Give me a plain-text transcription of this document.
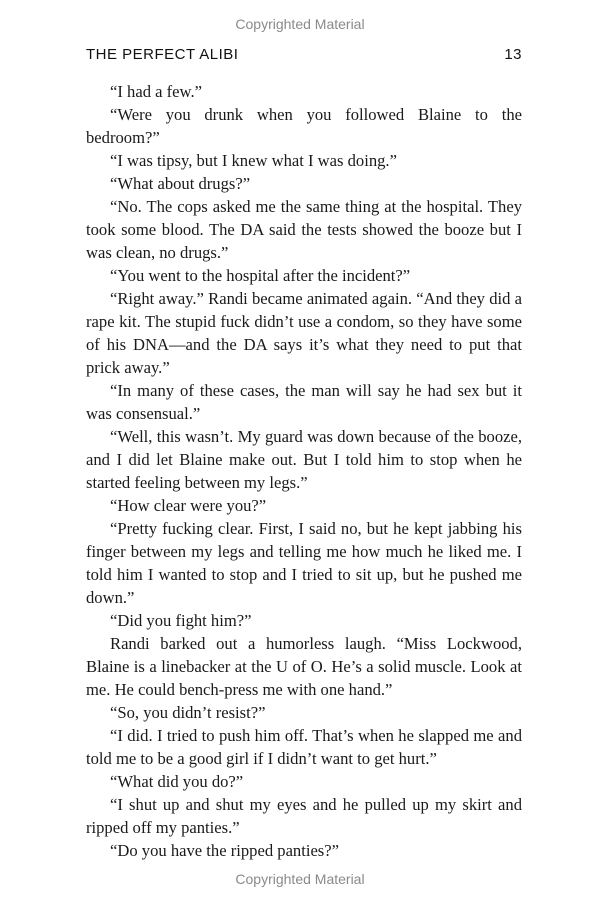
Copyrighted Material
THE PERFECT ALIBI	13

“I had a few.”

“Were you drunk when you followed Blaine to the bedroom?”

“I was tipsy, but I knew what I was doing.”

“What about drugs?”

“No. The cops asked me the same thing at the hospital. They took some blood. The DA said the tests showed the booze but I was clean, no drugs.”

“You went to the hospital after the incident?”

“Right away.” Randi became animated again. “And they did a rape kit. The stupid fuck didn’t use a condom, so they have some of his DNA—and the DA says it’s what they need to put that prick away.”

“In many of these cases, the man will say he had sex but it was consensual.”

“Well, this wasn’t. My guard was down because of the booze, and I did let Blaine make out. But I told him to stop when he started feeling between my legs.”

“How clear were you?”

“Pretty fucking clear. First, I said no, but he kept jabbing his finger between my legs and telling me how much he liked me. I told him I wanted to stop and I tried to sit up, but he pushed me down.”

“Did you fight him?”

Randi barked out a humorless laugh. “Miss Lockwood, Blaine is a linebacker at the U of O. He’s a solid muscle. Look at me. He could bench-press me with one hand.”

“So, you didn’t resist?”

“I did. I tried to push him off. That’s when he slapped me and told me to be a good girl if I didn’t want to get hurt.”

“What did you do?”

“I shut up and shut my eyes and he pulled up my skirt and ripped off my panties.”

“Do you have the ripped panties?”

Copyrighted Material
